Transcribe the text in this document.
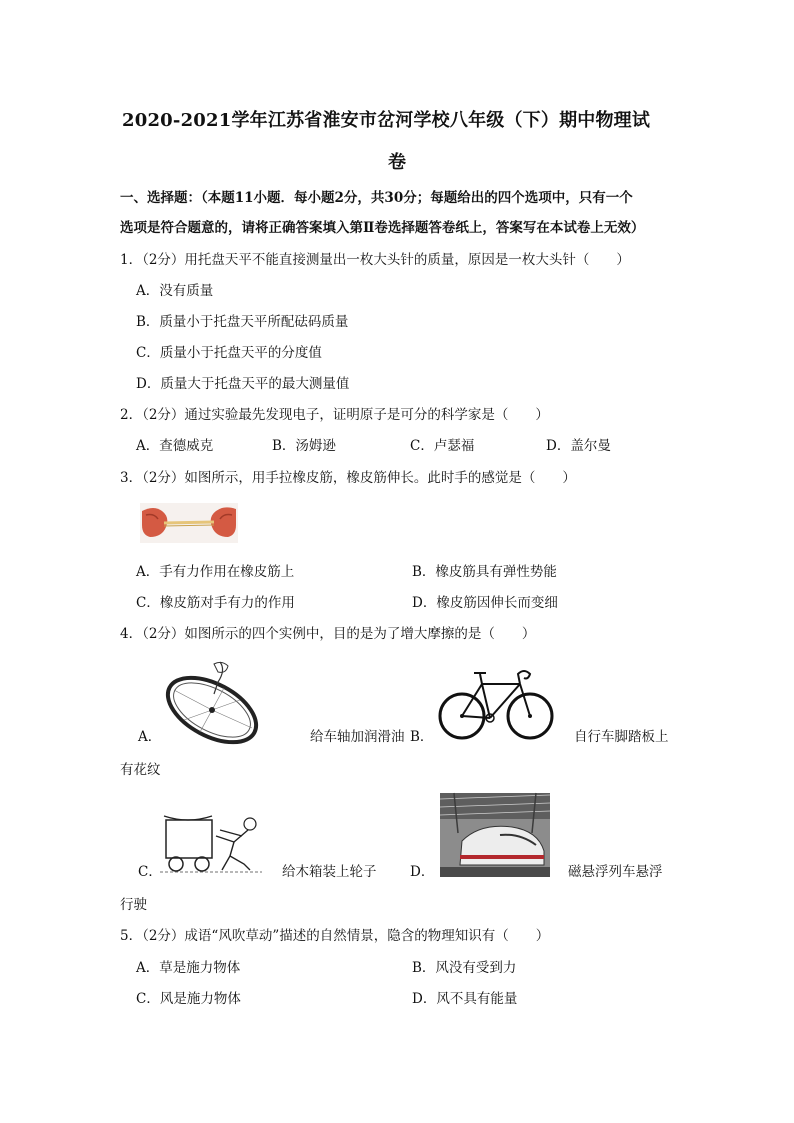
2020-2021学年江苏省淮安市岔河学校八年级（下）期中物理试
卷
一、选择题：（本题11小题．每小题2分，共30分；每题给出的四个选项中，只有一个
选项是符合题意的，请将正确答案填入第Ⅱ卷选择题答卷纸上，答案写在本试卷上无效）
1．（2分）用托盘天平不能直接测量出一枚大头针的质量，原因是一枚大头针（　　）
A．没有质量
B．质量小于托盘天平所配砝码质量
C．质量小于托盘天平的分度值
D．质量大于托盘天平的最大测量值
2．（2分）通过实验最先发现电子，证明原子是可分的科学家是（　　）
A．查德威克	B．汤姆逊	C．卢瑟福	D．盖尔曼
3．（2分）如图所示，用手拉橡皮筋，橡皮筋伸长。此时手的感觉是（　　）
A．手有力作用在橡皮筋上	B．橡皮筋具有弹性势能
C．橡皮筋对手有力的作用	D．橡皮筋因伸长而变细
4．（2分）如图所示的四个实例中，目的是为了增大摩擦的是（　　）
A．	给车轴加润滑油 B．	自行车脚踏板上
有花纹
C．	给木箱装上轮子 D．	磁悬浮列车悬浮
行驶
5．（2分）成语“风吹草动”描述的自然情景，隐含的物理知识有（　　）
A．草是施力物体	B．风没有受到力
C．风是施力物体	D．风不具有能量
